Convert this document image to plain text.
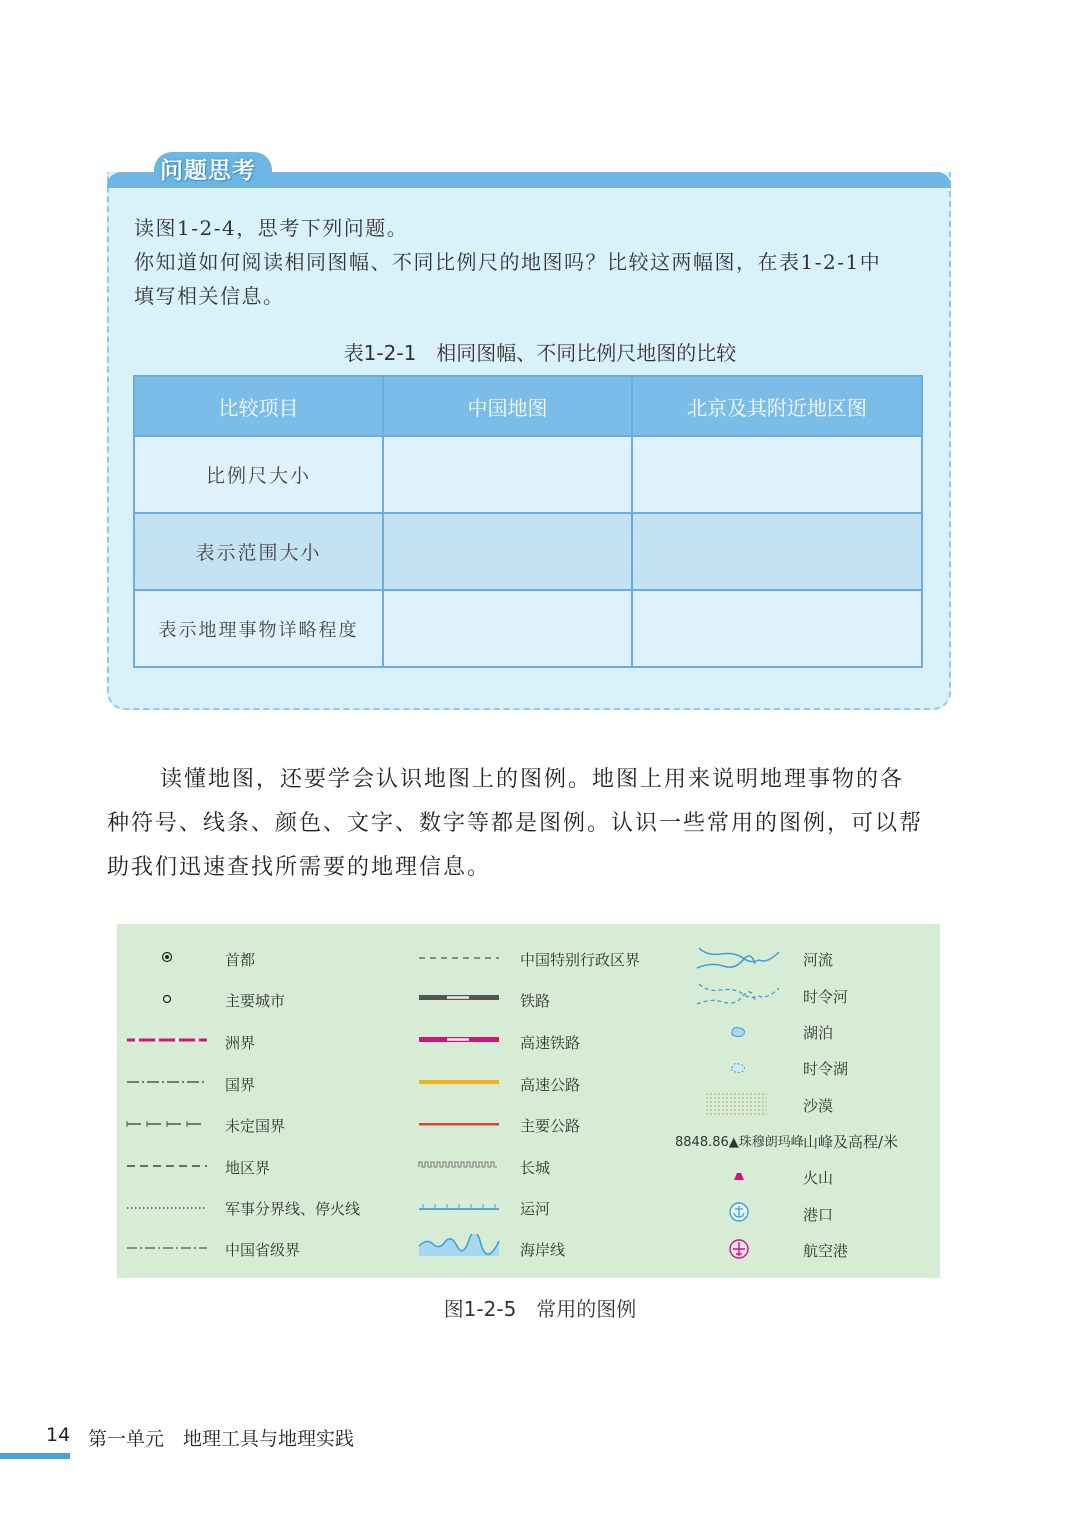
问题思考
读图1-2-4，思考下列问题。
你知道如何阅读相同图幅、不同比例尺的地图吗？比较这两幅图，在表1-2-1中
填写相关信息。
表1-2-1　相同图幅、不同比例尺地图的比较
比较项目	中国地图	北京及其附近地区图
比例尺大小		
表示范围大小		
表示地理事物详略程度		
读懂地图，还要学会认识地图上的图例。地图上用来说明地理事物的各
种符号、线条、颜色、文字、数字等都是图例。认识一些常用的图例，可以帮
助我们迅速查找所需要的地理信息。
首都
主要城市
洲界
国界
未定国界
地区界
军事分界线、停火线
中国省级界
中国特别行政区界
铁路
高速铁路
高速公路
主要公路
长城
运河
海岸线
8848.86▲珠穆朗玛峰
河流
时令河
湖泊
时令湖
沙漠
山峰及高程/米
火山
港口
航空港
图1-2-5　常用的图例
14 第一单元　地理工具与地理实践
